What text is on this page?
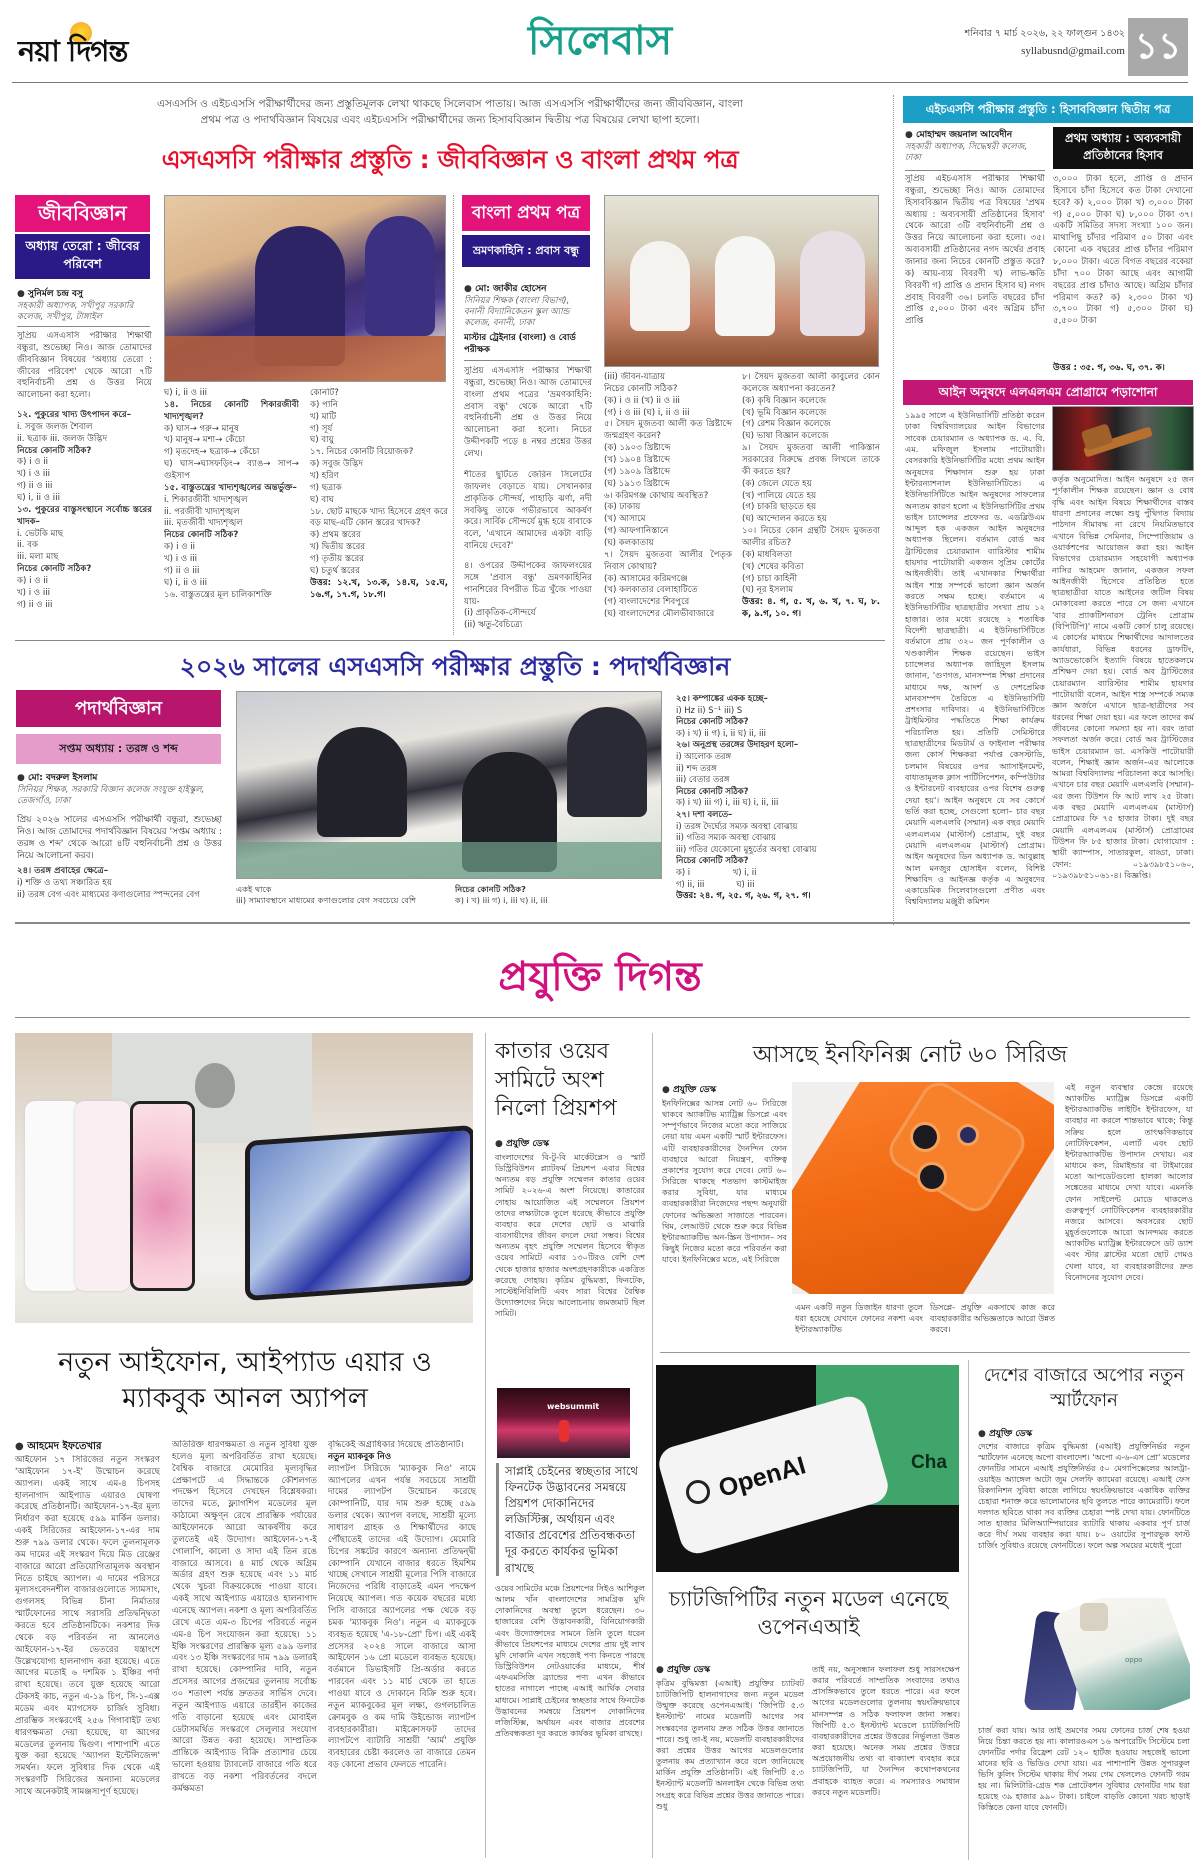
নয়া দিগন্ত	সিলেবাস	শনিবার ৭ মার্চ ২০২৬, ২২ ফাল্গুন ১৪৩২
syllabusnd@gmail.com ১১
এসএসসি ও এইচএসসি পরীক্ষার্থীদের জন্য প্রস্তুতিমূলক লেখা থাকছে সিলেবাস পাতায়। আজ এসএসসি পরীক্ষার্থীদের জন্য জীববিজ্ঞান, বাংলা
প্রথম পত্র ও পদার্থবিজ্ঞান বিষয়ের এবং এইচএসসি পরীক্ষার্থীদের জন্য হিসাববিজ্ঞান দ্বিতীয় পত্র বিষয়ের লেখা ছাপা হলো।
এসএসসি পরীক্ষার প্রস্তুতি : জীববিজ্ঞান ও বাংলা প্রথম পত্র
জীববিজ্ঞান
অধ্যায় তেরো : জীবের পরিবেশ
● সুনির্মল চন্দ্র বসু
সহকারী অধ্যাপক, সখীপুর সরকারি কলেজ, সখীপুর, টাঙ্গাইল
সুপ্রিয় এসএসসি পরীক্ষার শিক্ষার্থী বন্ধুরা, শুভেচ্ছা নিও। আজ তোমাদের জীববিজ্ঞান বিষয়ের 'অধ্যায় তেরো : জীবের পরিবেশ' থেকে আরো ৭টি বহুনির্বাচনী প্রশ্ন ও উত্তর নিয়ে আলোচনা করা হলো।

১২. পুকুরের খাদ্য উৎপাদন করে–

i. সবুজ জলজ শৈবাল

ii. ছত্রাক iii. জলজ উদ্ভিদ

নিচের কোনটি সঠিক?

ক) i ও ii

খ) i ও iii

গ) ii ও iii

ঘ) i, ii ও iii

১৩. পুকুরের বাস্তুসংস্থানে সর্বোচ্চ স্তরের খাদক–

i. ভেটকি মাছ

ii. বক

iii. মলা মাছ

নিচের কোনটি সঠিক?

ক) i ও ii

খ) i ও iii

গ) ii ও iii

ঘ) i, ii ও iii

১৪. নিচের কোনটি শিকারজীবী খাদ্যশৃঙ্খল?

ক) ঘাস→ গরু→ মানুষ

খ) মানুষ→ মশা→ কেঁচো

গ) মৃতদেহ→ ছত্রাক→ কেঁচো

ঘ) ঘাস→ঘাসফড়িং→ ব্যাঙ→ সাপ→ গুইসাপ

১৫. বাস্তুতন্ত্রের খাদ্যশৃঙ্খলের অন্তর্ভুক্ত–

i. শিকারজীবী খাদ্যশৃঙ্খল

ii. পরজীবী খাদ্যশৃঙ্খল

iii. মৃতজীবী খাদ্যশৃঙ্খল

নিচের কোনটি সঠিক?

ক) i ও ii

খ) i ও iii

গ) ii ও iii

ঘ) i, ii ও iii

১৬. বাস্তুতন্ত্রের মূল চালিকাশক্তি

কোনটি?

ক) পানি

খ) মাটি

গ) সূর্য

ঘ) বায়ু

১৭. নিচের কোনটি বিয়োজক?

ক) সবুজ উদ্ভিদ

খ) হরিণ

গ) ছত্রাক

ঘ) বাঘ

১৮. ছোট মাছকে খাদ্য হিসেবে গ্রহণ করে বড় মাছ-এটি কোন স্তরের খাদক?

ক) প্রথম স্তরের

খ) দ্বিতীয় স্তরের

গ) তৃতীয় স্তরের

ঘ) চতুর্থ স্তরের

উত্তর: ১২.খ, ১৩.ক, ১৪.ঘ, ১৫.ঘ, ১৬.গ, ১৭.গ, ১৮.গ।

বাংলা প্রথম পত্র
ভ্রমণকাহিনি : প্রবাস বন্ধু
● মো: জাকীর হোসেন
সিনিয়র শিক্ষক (বাংলা বিভাগ), বনানী বিদ্যানিকেতন স্কুল অ্যান্ড কলেজ, বনানী, ঢাকা
মাস্টার ট্রেইনার (বাংলা) ও বোর্ড পরীক্ষক
সুপ্রিয় এসএসসি পরীক্ষার শিক্ষার্থী বন্ধুরা, শুভেচ্ছা নিও। আজ তোমাদের বাংলা প্রথম পত্রের 'ভ্রমণকাহিনি: প্রবাস বন্ধু' থেকে আরো ৭টি বহুনির্বাচনী প্রশ্ন ও উত্তর নিয়ে আলোচনা করা হলো। নিচের উদ্দীপকটি পড়ে ৪ নম্বর প্রশ্নের উত্তর লেখ।
শীতের ছুটিতে জেরিন সিলেটের জাফলং বেড়াতে যায়। সেখানকার প্রাকৃতিক সৌন্দর্য, পাহাড়ি ঝর্ণা, নদী সবকিছু তাকে গভীরভাবে আকর্ষণ করে। সার্বিক সৌন্দর্যে মুগ্ধ হয়ে বাবাকে বলে, 'এখানে আমাদের একটা বাড়ি বানিয়ে দেবে?'

৪। ওপরের উদ্দীপকের জাফলংয়ের সঙ্গে 'প্রবাস বন্ধু' ভ্রমণকাহিনির পানশিরের বিপরীত চিত্র খুঁজে পাওয়া যায়-

(i) প্রাকৃতিক-সৌন্দর্যে

(ii) ঋতু-বৈচিত্র্যে

(iii) জীবন-যাত্রায়

নিচের কোনটি সঠিক?

(ক) i ও ii (খ) ii ও iii

(গ) i ও iii (ঘ) i, ii ও iii

৫। সৈয়দ মুজতবা আলী কত খ্রিষ্টাব্দে জন্মগ্রহণ করেন?

(ক) ১৯০৩ খ্রিষ্টাব্দে

(খ) ১৯০৪ খ্রিষ্টাব্দে

(গ) ১৯০৯ খ্রিষ্টাব্দে

(ঘ) ১৯১৩ খ্রিষ্টাব্দে

৬। করিমগঞ্জ কোথায় অবস্থিত?

(ক) ঢাকায়

(খ) আসামে

(গ) আফগানিস্তানে

(ঘ) কলকাতায়

৭। সৈয়দ মুজতবা আলীর পৈতৃক নিবাস কোথায়?

(ক) আসামের করিমগঞ্জে

(খ) কলকাতার বেলাহাটিতে

(গ) বাংলাদেশের শিবপুরে

(ঘ) বাংলাদেশের মৌলভীবাজারে

৮। সৈয়দ মুজতবা আলী কাবুলের কোন কলেজে অধ্যাপনা করতেন?

(ক) কৃষি বিজ্ঞান কলেজে

(খ) ভূমি বিজ্ঞান কলেজে

(গ) রেশম বিজ্ঞান কলেজে

(ঘ) ভাষা বিজ্ঞান কলেজে

৯। সৈয়দ মুজতবা আলী পাকিস্তান সরকারের বিরুদ্ধে প্রবন্ধ লিখলে তাকে কী করতে হয়?

(ক) জেলে যেতে হয়

(খ) পালিয়ে যেতে হয়

(গ) চাকরি ছাড়তে হয়

(ঘ) আন্দোলন করতে হয়

১০। নিচের কোন গ্রন্থটি সৈয়দ মুজতবা আলীর রচিত?

(ক) মাধবিলতা

(খ) শেষের কবিতা

(গ) চাচা কাহিনী

(ঘ) নূর ইসলাম

উত্তর: ৪. গ, ৫. খ, ৬. খ, ৭. ঘ, ৮. ক, ৯.গ, ১০. গ।

এইচএসসি পরীক্ষার প্রস্তুতি : হিসাববিজ্ঞান দ্বিতীয় পত্র
● মোহাম্মদ জয়নাল আবেদীন
সহকারী অধ্যাপক, সিদ্ধেশ্বরী কলেজ, ঢাকা
সুপ্রিয় এইচএসসি পরীক্ষার শিক্ষার্থী বন্ধুরা, শুভেচ্ছা নিও। আজ তোমাদের হিসাববিজ্ঞান দ্বিতীয় পত্র বিষয়ের 'প্রথম অধ্যায় : অব্যবসায়ী প্রতিষ্ঠানের হিসাব' থেকে আরো ৩টি বহুনির্বাচনী প্রশ্ন ও উত্তর নিয়ে আলোচনা করা হলো। ৩৫। অব্যবসায়ী প্রতিষ্ঠানের নগদ অর্থের প্রবাহ জানার জন্য নিচের কোনটি প্রস্তুত করে? ক) আয়-ব্যয় বিবরণী খ) লাভ-ক্ষতি বিবরণী গ) প্রাপ্তি ও প্রদান হিসাব ঘ) নগদ প্রবাহ বিবরণী ৩৬। চলতি বছরের চাঁদা প্রাপ্তি ৫,০০০ টাকা এবং অগ্রিম চাঁদা প্রাপ্তি
প্রথম অধ্যায় : অব্যবসায়ী প্রতিষ্ঠানের হিসাব
৩,০০০ টাকা হলে, প্রাপ্তি ও প্রদান হিসাবে চাঁদা হিসেবে কত টাকা দেখানো হবে? ক) ২,০০০ টাকা খ) ৩,০০০ টাকা গ) ৫,০০০ টাকা ঘ) ৮,০০০ টাকা ৩৭। একটি সমিতির সদস্য সংখ্যা ১০০ জন। মাথাপিছু চাঁদার পরিমাণ ৫০ টাকা এবং কোনো এক বছরের প্রাপ্ত চাঁদার পরিমাণ ৮,০০০ টাকা। এতে বিগত বছরের বকেয়া চাঁদা ৭০০ টাকা আছে এবং আগামী বছরের প্রাপ্ত চাঁদাও আছে। অগ্রিম চাঁদার পরিমাণ কত? ক) ২,৩০০ টাকা খ) ৩,৭০০ টাকা গ) ৫,৩০০ টাকা ঘ) ৫,৫০০ টাকা
উত্তর : ৩৫. গ, ৩৬. ঘ, ৩৭. ক।
আইন অনুষদে এলএলএম প্রোগ্রামে পড়াশোনা
১৯৯৫ সালে এ ইউনিভার্সিটি প্রতিষ্ঠা করেন ঢাকা বিশ্ববিদ্যালয়ের আইন বিভাগের সাবেক চেয়ারম্যান ও অধ্যাপক ড. এ. বি. এম. মফিজুল ইসলাম পাটোয়ারী। বেসরকারি ইউনিভার্সিটির মধ্যে প্রথম আইন অনুষদের শিক্ষাদান শুরু হয় ঢাকা ইন্টারন্যাশনাল ইউনিভার্সিটিতে। এ ইউনিভার্সিটিতে আইন অনুষদের সাফল্যের অন্যতম কারণ হলো এ ইউনিভার্সিটির প্রথম ভাইস চ্যান্সেলর প্রফেসর ড. এডব্লিউএম আব্দুল হক একজন আইন অনুষদের অধ্যাপক ছিলেন। বর্তমান বোর্ড অব ট্রাস্টিজের চেয়ারম্যান ব্যারিস্টার শামীম হায়দার পাটোয়ারী একজন সুপ্রিম কোর্টের আইনজীবী। তাই এখানকার শিক্ষার্থীরা আইন শাস্ত্র সম্পর্কে ভালো জ্ঞান অর্জন করতে সক্ষম হচ্ছে। বর্তমানে এ ইউনিভার্সিটির ছাত্রছাত্রীর সংখ্যা প্রায় ১২ হাজার। তার মধ্যে রয়েছে ২ শতাধিক বিদেশী ছাত্রছাত্রী। এ ইউনিভার্সিটিতে বর্তমানে প্রায় ৩২০ জন পূর্ণকালীন ও খণ্ডকালীন শিক্ষক রয়েছেন। ভাইস চ্যান্সেলর অধ্যাপক জাহিদুল ইসলাম জানান, 'গুণগত, মানসম্পন্ন শিক্ষা প্রদানের মাধ্যমে দক্ষ, আদর্শ ও দেশপ্রেমিক মানবসম্পদ তৈরিতে এ ইউনিভার্সিটি প্রশংসার দাবিদার। এ ইউনিভার্সিটিতে ট্রাইমিস্টার পদ্ধতিতে শিক্ষা কার্যক্রম পরিচালিত হয়। প্রতিটি সেমিস্টারে ছাত্রছাত্রীদের মিডটার্ম ও ফাইনাল পরীক্ষার জন্য কোর্স শিক্ষকরা পর্যাপ্ত কেসস্টাডি, চলমান বিষয়ের ওপর অ্যাসাইনমেন্ট, বাধ্যতামূলক ক্লাস পার্টিসিপেশন, কম্পিউটার ও ইন্টারনেট ব্যবহারের ওপর বিশেষ গুরুত্ব দেয়া হয়'। আইন অনুষদে যে সব কোর্সে ভর্তি করা হচ্ছে, সেগুলো হলো– চার বছর মেয়াদি এলএলবি (সম্মান) এক বছর মেয়াদি এলএলএম (মাস্টার্স) প্রোগ্রাম, দুই বছর মেয়াদি এলএলএম (মাস্টার্স) প্রোগ্রাম। আইন অনুষদের ডিন অধ্যাপক ড. আবুল্লাহ আল মনজুর হোসাইন বলেন, বিশিষ্ট শিক্ষাবিদ ও আইনজ্ঞ কর্তৃক এ অনুষদের একাডেমিক সিলেবাসগুলো প্রণীত এবং বিশ্ববিদ্যালয় মঞ্জুরী কমিশন
কর্তৃক অনুমোদিত। আইন অনুষদে ২৫ জন পূর্ণকালীন শিক্ষক রয়েছেন। জ্ঞান ও বোধ বৃদ্ধি এবং আইন বিষয়ে শিক্ষার্থীদের বাস্তব ধারণা প্রদানের লক্ষ্যে শুধু পুঁথিগত বিদ্যায় পাঠদান সীমাবদ্ধ না রেখে নিয়মিতভাবে এখানে বিভিন্ন সেমিনার, সিম্পোজিয়াম ও ওয়ার্কশপের আয়োজন করা হয়। আইন বিভাগের চেয়ারম্যান সহযোগী অধ্যাপক নাসির আহমেদ জানান, একজন সফল আইনজীবী হিসেবে প্রতিষ্ঠিত হতে ছাত্রছাত্রীরা যাতে আইনের জটিল বিষয় মোকাবেলা করতে পারে সে জন্য এখানে 'বার প্র্যাকটিশনারস ট্রেনিং প্রোগ্রাম (বিপিটিপি)' নামে একটি কোর্স চালু রয়েছে। এ কোর্সের মাধ্যমে শিক্ষার্থীদের আদালতের কার্যধারা, বিভিন্ন ধরনের ড্রাফটিং, অ্যাডভোকেসি ইত্যাদি বিষয়ে হাতেকলমে প্রশিক্ষণ দেয়া হয়। বোর্ড অব ট্রাস্টিজের চেয়ারম্যান ব্যারিস্টার শামীম হায়দার পাটোয়ারী বলেন, আইন শাস্ত্র সম্পর্কে সম্যক জ্ঞান অর্জনে এখানে ছাত্র-ছাত্রীদের সব ধরনের শিক্ষা দেয়া হয়। এর ফলে তাদের কর্ম জীবনের কোনো সমস্যা হয় না। বরং তারা সফলতা অর্জন করে। বোর্ড অব ট্রাস্টিজের ভাইস চেয়ারম্যান ডা. এসকিউ পাটোয়ারী বলেন, শিক্ষাই জ্ঞান অর্জন–এর আলোকে আমরা বিশ্ববিদ্যালয় পরিচালনা করে আসছি। এখানে চার বছর মেয়াদি এলএলবি (সম্মান)-এর জন্য টিউশন ফি আট লাখ ২৫ টাকা। এক বছর মেয়াদি এলএলএম (মাস্টার্স) প্রোগ্রামের ফি ৭৫ হাজার টাকা। দুই বছর মেয়াদি এলএলএম (মাস্টার্স) প্রোগ্রামের টিউশন ফি ৮৫ হাজার টাকা। যোগাযোগ : স্থায়ী ক্যাম্পাস, সাতারকুল, বাড্ডা, ঢাকা। ফোন: ০১৯৩৯৮৫১০৬০, ০১৯৩৯৮৫১০৬১-৪। বিজ্ঞপ্তি।
২০২৬ সালের এসএসসি পরীক্ষার প্রস্তুতি : পদার্থবিজ্ঞান
পদার্থবিজ্ঞান
সপ্তম অধ্যায় : তরঙ্গ ও শব্দ
● মো: বদরুল ইসলাম
সিনিয়র শিক্ষক, সরকারি বিজ্ঞান কলেজ সংযুক্ত হাইস্কুল, তেজগাঁও, ঢাকা
প্রিয় ২০২৬ সালের এসএসসি পরীক্ষার্থী বন্ধুরা, শুভেচ্ছা নিও। আজ তোমাদের পদার্থবিজ্ঞান বিষয়ের 'সপ্তম অধ্যায় : তরঙ্গ ও শব্দ' থেকে আরো ৪টি বহুনির্বাচনী প্রশ্ন ও উত্তর নিয়ে আলোচনা করব।

২৪। তরঙ্গ প্রবাহের ক্ষেত্রে–

i) শক্তি ও তথ্য সঞ্চারিত হয়

ii) তরঙ্গ বেগ এবং মাধ্যমের কণাগুলোর স্পন্দনের বেগ

একই থাকে

iii) সাম্যাবস্থানে মাধ্যমের কণাগুলোর বেগ সবচেয়ে বেশি

নিচের কোনটি সঠিক?

ক) i খ) iii গ) i, iii ঘ) ii, iii

২৫। কম্পাঙ্কের একক হচ্ছে–

i) Hz ii) S⁻¹ iii) S

নিচের কোনটি সঠিক?

ক) i খ) ii গ) i, ii ঘ) ii, iii

২৬। অনুপ্রস্থ তরঙ্গের উদাহরণ হলো–

i) আলোক তরঙ্গ

ii) শব্দ তরঙ্গ

iii) বেতার তরঙ্গ

নিচের কোনটি সঠিক?

ক) i খ) iii গ) i, iii ঘ) i, ii, iii

২৭। দশা বলতে–

i) তরঙ্গ দৈর্ঘ্যের সম্যক অবস্থা বোঝায়

ii) গতির সম্যক অবস্থা বোঝায়

iii) গতির যেকোনো মুহূর্তের অবস্থা বোঝায়

নিচের কোনটি সঠিক?

ক) i                খ) i, ii

গ) ii, iii            ঘ) iii

উত্তর: ২৪. গ, ২৫. গ, ২৬. গ, ২৭. গ।

প্রযুক্তি দিগন্ত
নতুন আইফোন, আইপ্যাড এয়ার ও ম্যাকবুক আনল অ্যাপল
● আহমেদ ইফতেখার
আইফোন ১৭ সিরিজের নতুন সংস্করণ 'আইফোন ১৭-ই' উন্মোচন করেছে অ্যাপল। একই সাথে এম-৪ চিপসহ হালনাগাদ আইপ্যাড এয়ারও ঘোষণা করেছে প্রতিষ্ঠানটি। আইফোন-১৭-ইর মূল্য নির্ধারণ করা হয়েছে ৫৯৯ মার্কিন ডলার। একই সিরিজের আইফোন-১৭-এর দাম শুরু ৭৯৯ ডলার থেকে। ফলে তুলনামূলক কম দামের এই সংস্করণ দিয়ে মিড রেঞ্জের বাজারে আরো প্রতিযোগিতামূলক অবস্থান নিতে চাইছে অ্যাপল। এ দামের পরিসরে মূল্যসংবেদনশীল বাজারগুলোতে স্যামসাং, গুগলসহ বিভিন্ন চীনা নির্মাতার স্মার্টফোনের সাথে সরাসরি প্রতিদ্বন্দ্বিতা করতে হবে প্রতিষ্ঠানটিকে। নকশার দিক থেকে বড় পরিবর্তন না আনলেও আইফোন-১৭-ইর ভেতরের যন্ত্রাংশে উল্লেখযোগ্য হালনাগাদ করা হয়েছে। এতে আগের মতোই ৬ দশমিক ১ ইঞ্চির পর্দা রাখা হয়েছে। তবে যুক্ত হয়েছে আরো টেকসই কাচ, নতুন এ-১৯ চিপ, সি-১-এক্স মডেম এবং ম্যাগসেফ চার্জিং সুবিধা। প্রারম্ভিক সংস্করণেই ২৫৬ গিগাবাইট তথ্য ধারণক্ষমতা দেয়া হয়েছে, যা আগের মডেলের তুলনায় দ্বিগুণ। পাশাপাশি এতে যুক্ত করা হয়েছে 'অ্যাপল ইন্টেলিজেন্স' সমর্থন। ফলে সুবিধার দিক থেকে এই সংস্করণটি সিরিজের অন্যান্য মডেলের সাথে অনেকটাই সামঞ্জস্যপূর্ণ হয়েছে।
অতিরিক্ত ধারণক্ষমতা ও নতুন সুবিধা যুক্ত হলেও মূল্য অপরিবর্তিত রাখা হয়েছে। বৈশ্বিক বাজারে মেমোরির মূল্যবৃদ্ধির প্রেক্ষাপটে এ সিদ্ধান্তকে কৌশলগত পদক্ষেপ হিসেবে দেখছেন বিশ্লেষকরা। তাদের মতে, ফ্ল্যাগশিপ মডেলের মূল কাঠামো অক্ষুণ্ন রেখে প্রারম্ভিক পর্যায়ের আইফোনকে আরো আকর্ষণীয় করে তুলতেই এই উদ্যোগ। আইফোন-১৭-ই গোলাপি, কালো ও সাদা এই তিন রঙে বাজারে আসবে। ৪ মার্চ থেকে অগ্রিম অর্ডার গ্রহণ শুরু হয়েছে এবং ১১ মার্চ থেকে খুচরা বিক্রয়কেন্দ্রে পাওয়া যাবে। একই সাথে আইপ্যাড এয়ারেও হালনাগাদ এনেছে অ্যাপল। নকশা ও মূল্য অপরিবর্তিত রেখে এতে এম-৩ চিপের পরিবর্তে নতুন এম-৪ চিপ সংযোজন করা হয়েছে। ১১ ইঞ্চি সংস্করণের প্রারম্ভিক মূল্য ৫৯৯ ডলার এবং ১৩ ইঞ্চি সংস্করণের দাম ৭৯৯ ডলারই রাখা হয়েছে। কোম্পানির দাবি, নতুন প্রসেসর আগের প্রজন্মের তুলনায় সর্বোচ্চ ৩০ শতাংশ পর্যন্ত দ্রুততর সার্ভিস দেবে। নতুন আইপ্যাড এয়ারে তারহীন কাজের গতি বাড়ানো হয়েছে এবং মোবাইল ডেটাসমর্থিত সংস্করণে সেলুলার সংযোগ আরো উন্নত করা হয়েছে। সাম্প্রতিক প্রান্তিকে আইপ্যাড বিক্রি প্রত্যাশার চেয়ে ভালো হওয়ায় ট্যাবলেট বাজারে গতি ধরে রাখতে বড় নকশা পরিবর্তনের বদলে কর্মক্ষমতা

বৃদ্ধিকেই অগ্রাধিকার দিয়েছে প্রতিষ্ঠানটি।

নতুন ম্যাকবুক নিও

ল্যাপটপ সিরিজে 'ম্যাকবুক নিও' নামে অ্যাপলের এখন পর্যন্ত সবচেয়ে সাশ্রয়ী দামের ল্যাপটপ উন্মোচন করেছে কোম্পানিটি, যার দাম শুরু হচ্ছে ৫৯৯ ডলার থেকে। অ্যাপল বলছে, সাশ্রয়ী মূল্যে সাধারণ গ্রাহক ও শিক্ষার্থীদের কাছে পৌঁছাতেই তাদের এই উদ্যোগ। মেমোরি চিপের সঙ্কটের কারণে অন্যান্য প্রতিদ্বন্দ্বী কোম্পানি যেখানে বাজার ধরতে হিমশিম খাচ্ছে সেখানে সাশ্রয়ী মূল্যের পিসি বাজারে নিজেদের পরিধি বাড়াতেই এমন পদক্ষেপ নিয়েছে অ্যাপল। গত কয়েক বছরের মধ্যে পিসি বাজারে অ্যাপলের পক্ষ থেকে বড় চমক 'ম্যাকবুক নিও'। নতুন এ ম্যাকবুকে ব্যবহৃত হয়েছে 'এ-১৮-প্রো' চিপ। এই একই প্রসেসর ২০২৪ সালে বাজারে আসা আইফোন ১৬ প্রো মডেলে ব্যবহৃত হয়েছে। বর্তমানে ডিভাইসটি প্রি-অর্ডার করতে পারবেন এবং ১১ মার্চ থেকে তা হাতে পাওয়া যাবে ও দোকানে বিক্রি শুরু হবে। নতুন ম্যাকবুকের মূল লক্ষ্য, গুগলচালিত ক্রোমবুক ও কম দামি উইন্ডোজ ল্যাপটপ ব্যবহারকারীরা। মাইক্রোসফট তাদের ল্যাপটপে ব্যাটারি সাশ্রয়ী 'আর্ম' প্রযুক্তি ব্যবহারের চেষ্টা করলেও তা বাজারে তেমন বড় কোনো প্রভাব ফেলতে পারেনি।

কাতার ওয়েব সামিটে অংশ নিলো প্রিয়শপ
● প্রযুক্তি ডেস্ক
বাংলাদেশের বি-টু-বি মার্কেটপ্লেস ও স্মার্ট ডিস্ট্রিবিউশন প্ল্যাটফর্ম প্রিয়শপ এবার বিশ্বের অন্যতম বড় প্রযুক্তি সম্মেলন কাতার ওয়েব সামিট ২০২৬-এ অংশ নিয়েছে। কাতারের দোহায় আয়োজিত এই সম্মেলনে প্রিয়শপ তাদের লক্ষ্যটাকে তুলে ধরেছে কীভাবে প্রযুক্তি ব্যবহার করে দেশের ছোট ও মাঝারি ব্যবসায়ীদের জীবন বদলে দেয়া সম্ভব। বিশ্বের অন্যতম বৃহৎ প্রযুক্তি সম্মেলন হিসেবে স্বীকৃত ওয়েব সামিটে এবার ১৩০টিরও বেশি দেশ থেকে হাজার হাজার অংশগ্রহণকারীকে একত্রিত করেছে দোহায়। কৃত্রিম বুদ্ধিমত্তা, ফিনটেক, সাস্টেইনিবিলিটি এবং সারা বিশ্বের বৈশ্বিক উদ্যোক্তাদের নিয়ে আলোচনায় জমজমাট ছিল সামিট।
websummit
সাপ্লাই চেইনের স্বচ্ছতার সাথে ফিনটেক উদ্ভাবনের সমন্বয়ে প্রিয়শপ দোকানিদের লজিস্টিক্স, অর্থায়ন এবং বাজার প্রবেশের প্রতিবন্ধকতা দূর করতে কার্যকর ভূমিকা রাখছে
ওয়েব সামিটের মঞ্চে প্রিয়শপের সিইও আশিকুল আলম খাঁন বাংলাদেশের সামগ্রিক মুদি দোকানিদের অবস্থা তুলে ধরেছেন। ৩০ হাজারের বেশি উদ্ভাবনকারী, বিনিয়োগকারী এবং উদ্যোক্তাদের সামনে তিনি তুলে ধরেন কীভাবে প্রিয়শপের মাধ্যমে দেশের প্রায় দুই লাখ মুদি দোকানি এখন সহজেই পণ্য কিনতে পারছে ডিস্ট্রিবিউশন নেটওয়ার্কের মাধ্যমে, শীর্ষ এফএমসিজি ব্র্যান্ডের পণ্য এখন কীভাবে হাতের নাগালে পাচ্ছে এআই আর্থিক সেবার মাধ্যমে। সাপ্লাই চেইনের স্বচ্ছতার সাথে ফিনটেক উদ্ভাবনের সমন্বয়ে প্রিয়শপ দোকানিদের লজিস্টিক্স, অর্থায়ন এবং বাজার প্রবেশের প্রতিবন্ধকতা দূর করতে কার্যকর ভূমিকা রাখছে।
আসছে ইনফিনিক্স নোট ৬০ সিরিজ
● প্রযুক্তি ডেস্ক
ইনফিনিক্সের আসন্ন নোট ৬০ সিরিজে থাকবে অ্যাকটিভ ম্যাট্রিক্স ডিসপ্লে এবং সম্পূর্ণভাবে নিজের মতো করে সাজিয়ে নেয়া যায় এমন একটি স্মার্ট ইন্টারফেস। এটি ব্যবহারকারীদের দৈনন্দিন ফোন ব্যবহারে আরো নিয়ন্ত্রণ, ব্যক্তিত্ব প্রকাশের সুযোগ করে দেবে। নোট ৬০ সিরিজে থাকছে শতভাগ কাস্টমাইজ করার সুবিধা, যার মাধ্যমে ব্যবহারকারীরা নিজেদের পছন্দ অনুযায়ী ফোনের অভিজ্ঞতা সাজাতে পারবেন। থিম, লেআউট থেকে শুরু করে বিভিন্ন ইন্টারঅ্যাকটিভ অন-স্ক্রিন উপাদান– সব কিছুই নিজের মতো করে পরিবর্তন করা যাবে। ইনফিনিক্সের মতে, এই সিরিজে
এমন একটি নতুন ডিজাইন ধারণা তুলে ধরা হয়েছে যেখানে ফোনের নকশা এবং ইন্টারঅ্যাকটিভ
ডিসপ্লে- প্রযুক্তি একসাথে কাজ করে ব্যবহারকারীর অভিজ্ঞতাকে আরো উন্নত করবে।
এই নতুন ব্যবস্থার কেন্দ্রে রয়েছে অ্যাকটিভ ম্যাট্রিক্স ডিসপ্লে একটি ইন্টারঅ্যাকটিভ লাইটিং ইন্টারফেস, যা ব্যবহার না করলে শান্তভাবে থাকে; কিন্তু সক্রিয় হলে তাৎক্ষণিকভাবে নোটিফিকেশন, এলার্ট এবং ছোট ইন্টারঅ্যাকটিভ উপাদান দেখায়। এর মাধ্যমে কল, রিমাইন্ডার বা টাইমারের মতো আপডেটগুলো হালকা আলোর সঙ্কেতের মাধ্যমে দেখা যাবে। এমনকি ফোন সাইলেন্ট মোডে থাকলেও গুরুত্বপূর্ণ নোটিফিকেশন ব্যবহারকারীর নজরে আসবে। অবসরের ছোট মুহূর্তগুলোকে আরো আনন্দময় করতে অ্যাকটিভ ম্যাট্রিক্স ইন্টারফেসে ডট ড্যাশ এবং স্টার ব্লাস্টের মতো ছোট গেমও খেলা যাবে, যা ব্যবহারকারীদের দ্রুত বিনোদনের সুযোগ দেবে।
Cha
OpenAI
চ্যাটজিপিটির নতুন মডেল এনেছে ওপেনএআই
● প্রযুক্তি ডেস্ক
কৃত্রিম বুদ্ধিমত্তা (এআই) প্রযুক্তির চ্যাটবট চ্যাটজিপিটি হালনাগাদের জন্য নতুন মডেল উন্মুক্ত করেছে ওপেনএআই। 'জিপিটি ৫.৩ ইনস্ট্যান্ট' নামের মডেলটি আগের সব সংস্করণের তুলনায় দ্রুত সঠিক উত্তর জানাতে পারে। শুধু তা-ই নয়, মডেলটি ব্যবহারকারীদের করা প্রশ্নের উত্তর আগের মডেলগুলোর তুলনায় কম প্রত্যাখ্যান করে বলে জানিয়েছে মার্কিন প্রযুক্তি প্রতিষ্ঠানটি। এই জিপিটি ৫.৩ ইনস্ট্যান্ট মডেলটি অনলাইন থেকে বিভিন্ন তথ্য সংগ্রহ করে বিভিন্ন প্রশ্নের উত্তর জানাতে পারে। শুধু
তাই নয়, অনুসন্ধান ফলাফল শুধু সারসংক্ষেপ করার পরিবর্তে সাম্প্রতিক সংবাদের তথ্যও প্রাসঙ্গিকভাবে তুলে ধরতে পারে। এর ফলে আগের মডেলগুলোর তুলনায় স্বয়ংক্রিয়ভাবে মানসম্পন্ন ও সঠিক ফলাফল জানা সম্ভব। জিপিটি ৫.৩ ইনস্ট্যান্ট মডেলে চ্যাটজিপিটি ব্যবহারকারীদের প্রশ্নের উত্তরের নির্ভুলতা উন্নত করা হয়েছে। অনেক সময় প্রশ্নের উত্তরে অপ্রয়োজনীয় তথ্য বা বাক্যাংশ ব্যবহার করে চ্যাটজিপিটি, যা দৈনন্দিন কথোপকথনের প্রবাহকে ব্যাহত করে। এ সমস্যারও সমাধান করবে নতুন মডেলটি।
দেশের বাজারে অপোর নতুন স্মার্টফোন
● প্রযুক্তি ডেস্ক
দেশের বাজারে কৃত্রিম বুদ্ধিমত্তা (এআই) প্রযুক্তিনির্ভর নতুন স্মার্টফোন এনেছে অপো বাংলাদেশ। 'অপো এ-৬-এস প্রো' মডেলের ফোনটির সামনে এআই প্রযুক্তিনির্ভর ৫০ মেগাপিক্সেলের আলট্রা-ওয়াইড অ্যাঙ্গেল অটো জুম সেলফি ক্যামেরা রয়েছে। এআই ফেস রিকগনিশন সুবিধা কাজে লাগিয়ে স্বয়ংক্রিয়ভাবে একাধিক ব্যক্তির চেহারা শনাক্ত করে ভালোমানের ছবি তুলতে পারে ক্যামেরাটি। ফলে দলগত ছবিতে থাকা সব ব্যক্তির চেহারা স্পষ্ট দেখা যায়। ফোনটিতে সাত হাজার মিলিঅ্যাম্পিয়ারের ব্যাটারি থাকায় একবার পূর্ণ চার্জ করে দীর্ঘ সময় ব্যবহার করা যায়। ৮০ ওয়াটের সুপারভুক ফাস্ট চার্জিং সুবিধাও রয়েছে ফোনটিতে। ফলে অল্প সময়ের মধ্যেই পুরো
oppo
চার্জ করা যায়। আর তাই ভ্রমণের সময় ফোনের চার্জ শেষ হওয়া নিয়ে চিন্তা করতে হয় না। কালারওএস ১৬ অপারেটিং সিস্টেমে চলা ফোনটির পর্দার রিফ্রেশ রেট ১২০ হার্টজ হওয়ায় সহজেই ভালো মানের ছবি ও ভিডিও দেখা যায়। এর পাশাপাশি উন্নত সুপারকুল ভিসি কুলিং সিস্টেম থাকায় দীর্ঘ সময় গেম খেললেও ফোনটি গরম হয় না। মিলিটারি-গ্রেড শক প্রোটেকশন সুবিধার ফোনটির দাম ধরা হয়েছে ৩৯ হাজার ৯৯০ টাকা। চাইলে বাড়তি কোনো খরচ ছাড়াই কিস্তিতে কেনা যাবে ফোনটি।
